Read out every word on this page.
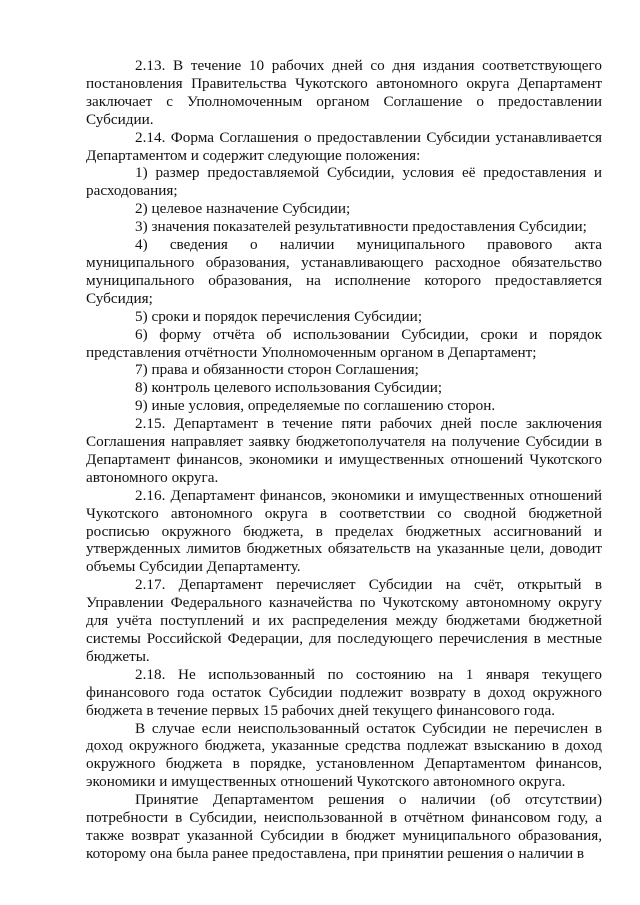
2.13. В течение 10 рабочих дней со дня издания соответствующего постановления Правительства Чукотского автономного округа Департамент заключает с Уполномоченным органом Соглашение о предоставлении Субсидии.

2.14. Форма Соглашения о предоставлении Субсидии устанавливается Департаментом и содержит следующие положения:

1) размер предоставляемой Субсидии, условия её предоставления и расходования;

2) целевое назначение Субсидии;

3) значения показателей результативности предоставления Субсидии;

4) сведения о наличии муниципального правового акта муниципального образования, устанавливающего расходное обязательство муниципального образования, на исполнение которого предоставляется Субсидия;

5) сроки и порядок перечисления Субсидии;

6) форму отчёта об использовании Субсидии, сроки и порядок представления отчётности Уполномоченным органом в Департамент;

7) права и обязанности сторон Соглашения;

8) контроль целевого использования Субсидии;

9) иные условия, определяемые по соглашению сторон.

2.15. Департамент в течение пяти рабочих дней после заключения Соглашения направляет заявку бюджетополучателя на получение Субсидии в Департамент финансов, экономики и имущественных отношений Чукотского автономного округа.

2.16. Департамент финансов, экономики и имущественных отношений Чукотского автономного округа в соответствии со сводной бюджетной росписью окружного бюджета, в пределах бюджетных ассигнований и утвержденных лимитов бюджетных обязательств на указанные цели, доводит объемы Субсидии Департаменту.

2.17. Департамент перечисляет Субсидии на счёт, открытый в Управлении Федерального казначейства по Чукотскому автономному округу для учёта поступлений и их распределения между бюджетами бюджетной системы Российской Федерации, для последующего перечисления в местные бюджеты.

2.18. Не использованный по состоянию на 1 января текущего финансового года остаток Субсидии подлежит возврату в доход окружного бюджета в течение первых 15 рабочих дней текущего финансового года.

В случае если неиспользованный остаток Субсидии не перечислен в доход окружного бюджета, указанные средства подлежат взысканию в доход окружного бюджета в порядке, установленном Департаментом финансов, экономики и имущественных отношений Чукотского автономного округа.

Принятие Департаментом решения о наличии (об отсутствии) потребности в Субсидии, неиспользованной в отчётном финансовом году, а также возврат указанной Субсидии в бюджет муниципального образования, которому она была ранее предоставлена, при принятии решения о наличии в
